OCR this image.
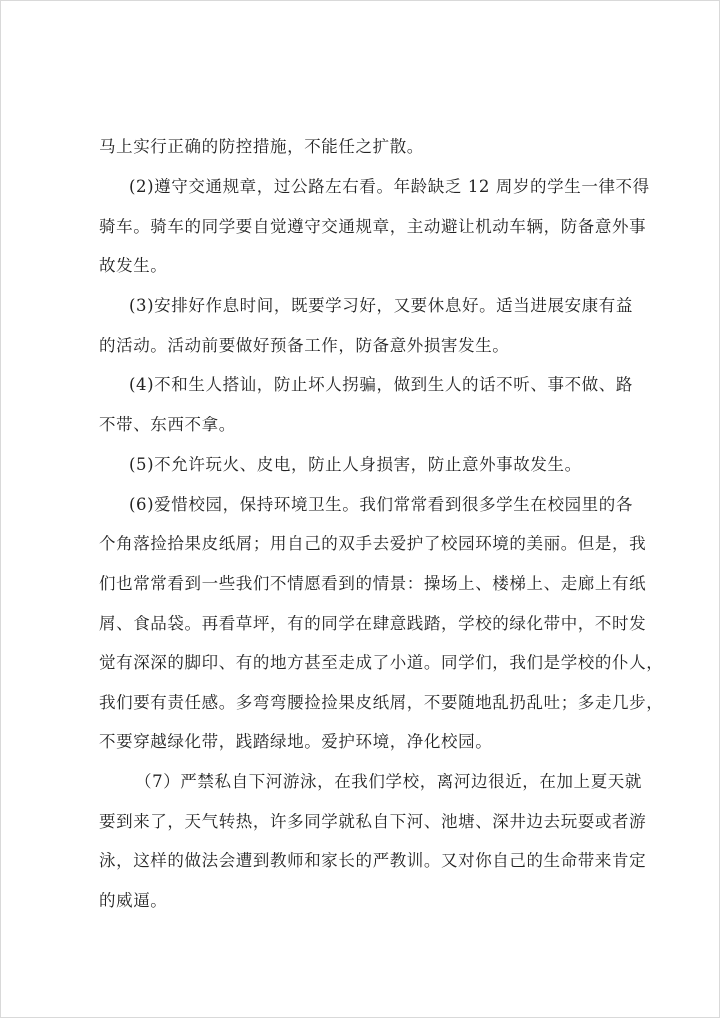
马上实行正确的防控措施，不能任之扩散。
(2)遵守交通规章，过公路左右看。年龄缺乏 12 周岁的学生一律不得
骑车。骑车的同学要自觉遵守交通规章，主动避让机动车辆，防备意外事
故发生。
(3)安排好作息时间，既要学习好，又要休息好。适当进展安康有益
的活动。活动前要做好预备工作，防备意外损害发生。
(4)不和生人搭讪，防止坏人拐骗，做到生人的话不听、事不做、路
不带、东西不拿。
(5)不允许玩火、皮电，防止人身损害，防止意外事故发生。
(6)爱惜校园，保持环境卫生。我们常常看到很多学生在校园里的各
个角落捡拾果皮纸屑；用自己的双手去爱护了校园环境的美丽。但是，我
们也常常看到一些我们不情愿看到的情景：操场上、楼梯上、走廊上有纸
屑、食品袋。再看草坪，有的同学在肆意践踏，学校的绿化带中，不时发
觉有深深的脚印、有的地方甚至走成了小道。同学们，我们是学校的仆人，
我们要有责任感。多弯弯腰捡捡果皮纸屑，不要随地乱扔乱吐；多走几步，
不要穿越绿化带，践踏绿地。爱护环境，净化校园。
（7）严禁私自下河游泳，在我们学校，离河边很近，在加上夏天就
要到来了，天气转热，许多同学就私自下河、池塘、深井边去玩耍或者游
泳，这样的做法会遭到教师和家长的严教训。又对你自己的生命带来肯定
的威逼。
